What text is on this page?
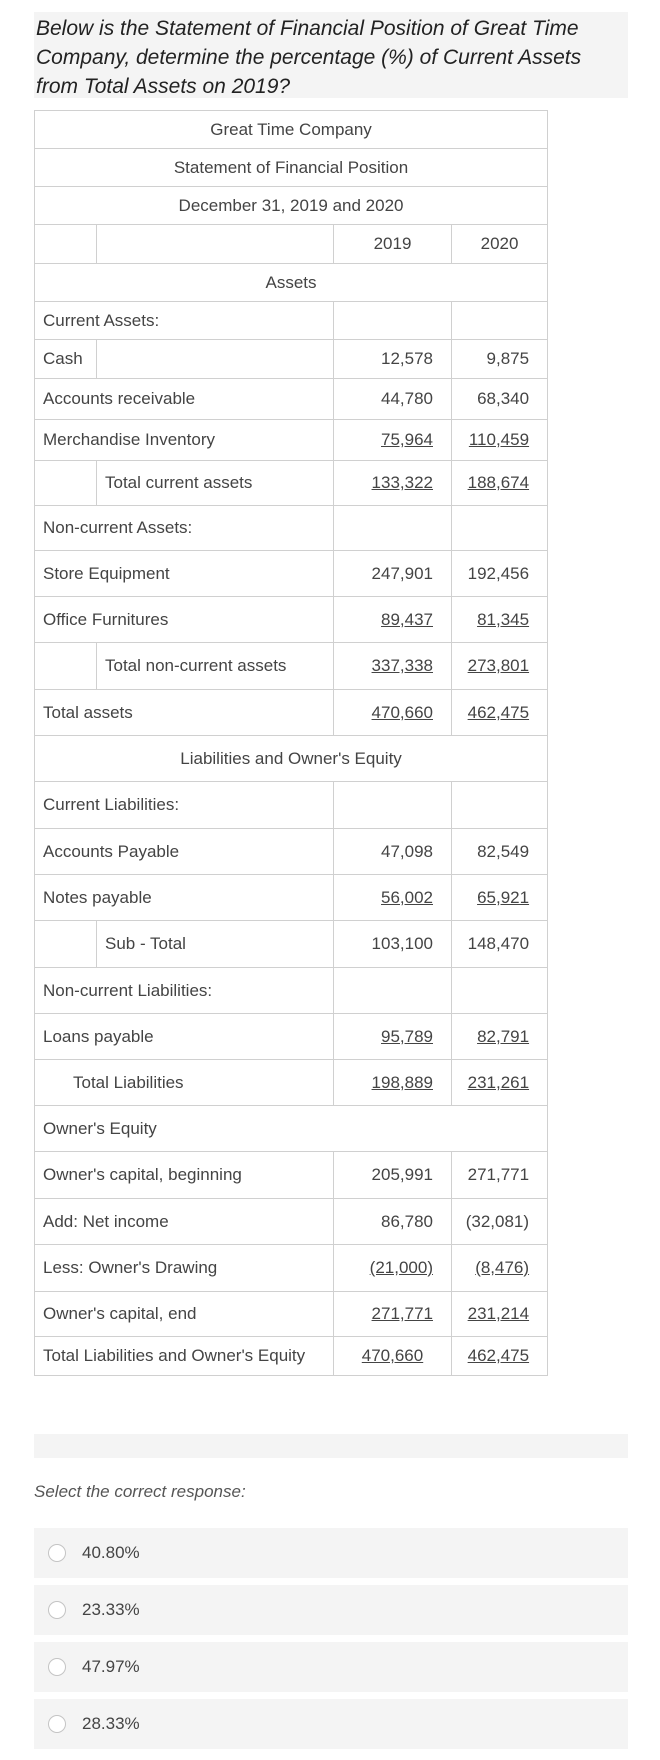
Below is the Statement of Financial Position of Great Time Company, determine the percentage (%) of Current Assets from Total Assets on 2019?
Great Time Company			
Statement of Financial Position			
December 31, 2019 and 2020			
		2019	2020
Assets			
Current Assets:			
Cash		12,578	9,875
Accounts receivable		44,780	68,340
Merchandise Inventory		75,964	110,459
	Total current assets	133,322	188,674
Non-current Assets:			
Store Equipment		247,901	192,456
Office Furnitures		89,437	81,345
	Total non-current assets	337,338	273,801
Total assets		470,660	462,475
Liabilities and Owner's Equity			
Current Liabilities:			
Accounts Payable		47,098	82,549
Notes payable		56,002	65,921
	Sub - Total	103,100	148,470
Non-current Liabilities:			
Loans payable		95,789	82,791
Total Liabilities		198,889	231,261
Owner's Equity			
Owner's capital, beginning		205,991	271,771
Add: Net income		86,780	(32,081)
Less: Owner's Drawing		(21,000)	(8,476)
Owner's capital, end		271,771	231,214
Total Liabilities and Owner's Equity		470,660	462,475
Select the correct response:
40.80%
23.33%
47.97%
28.33%
